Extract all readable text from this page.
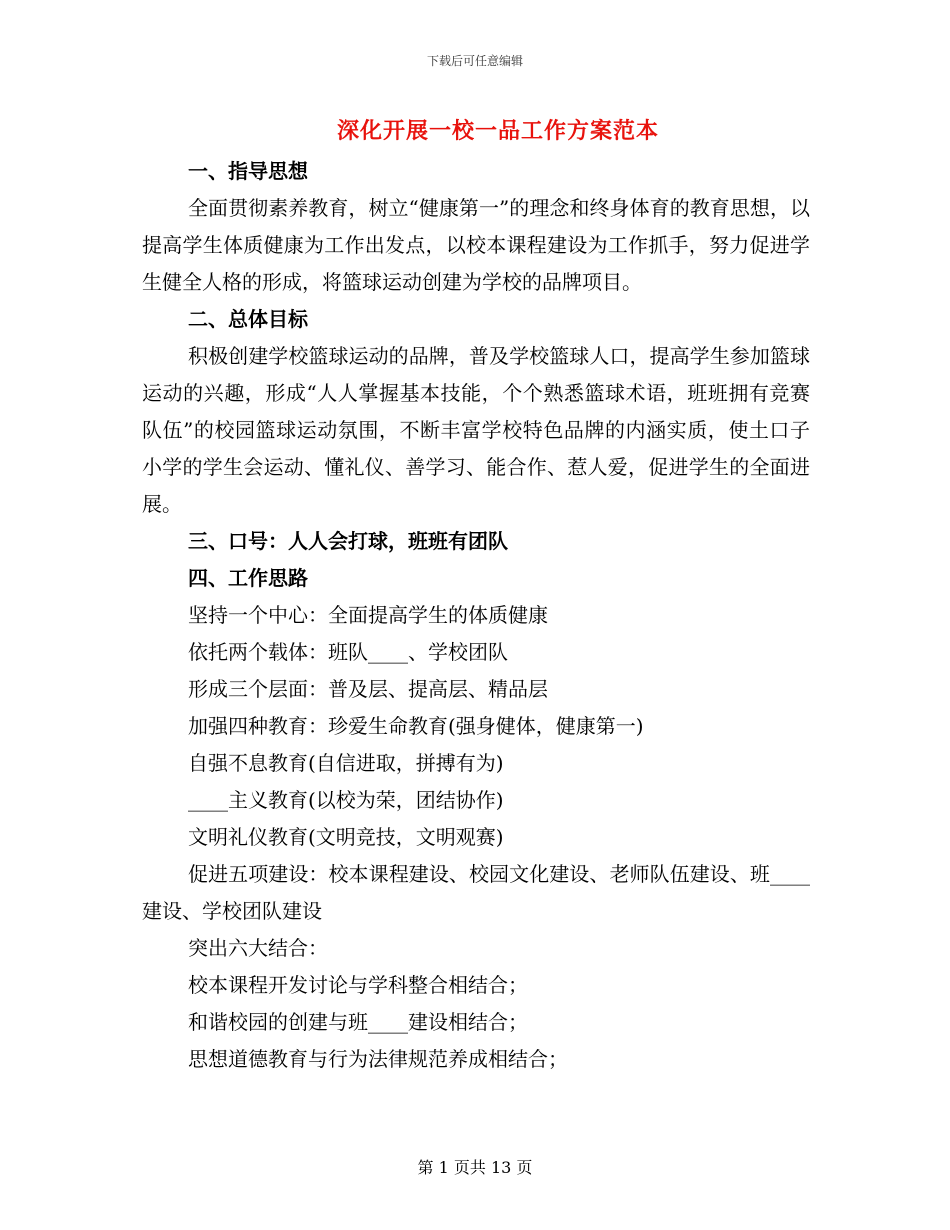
下载后可任意编辑
深化开展一校一品工作方案范本

一、指导思想

全面贯彻素养教育，树立“健康第一”的理念和终身体育的教育思想，以提高学生体质健康为工作出发点，以校本课程建设为工作抓手，努力促进学生健全人格的形成，将篮球运动创建为学校的品牌项目。

二、总体目标

积极创建学校篮球运动的品牌，普及学校篮球人口，提高学生参加篮球运动的兴趣，形成“人人掌握基本技能，个个熟悉篮球术语，班班拥有竞赛队伍”的校园篮球运动氛围，不断丰富学校特色品牌的内涵实质，使土口子小学的学生会运动、懂礼仪、善学习、能合作、惹人爱，促进学生的全面进展。

三、口号：人人会打球，班班有团队

四、工作思路

坚持一个中心：全面提高学生的体质健康

依托两个载体：班队____、学校团队

形成三个层面：普及层、提高层、精品层

加强四种教育：珍爱生命教育(强身健体，健康第一)

自强不息教育(自信进取，拼搏有为)

____主义教育(以校为荣，团结协作)

文明礼仪教育(文明竞技，文明观赛)

促进五项建设：校本课程建设、校园文化建设、老师队伍建设、班____建设、学校团队建设

突出六大结合：

校本课程开发讨论与学科整合相结合；

和谐校园的创建与班____建设相结合；

思想道德教育与行为法律规范养成相结合；

第 1 页共 13 页
